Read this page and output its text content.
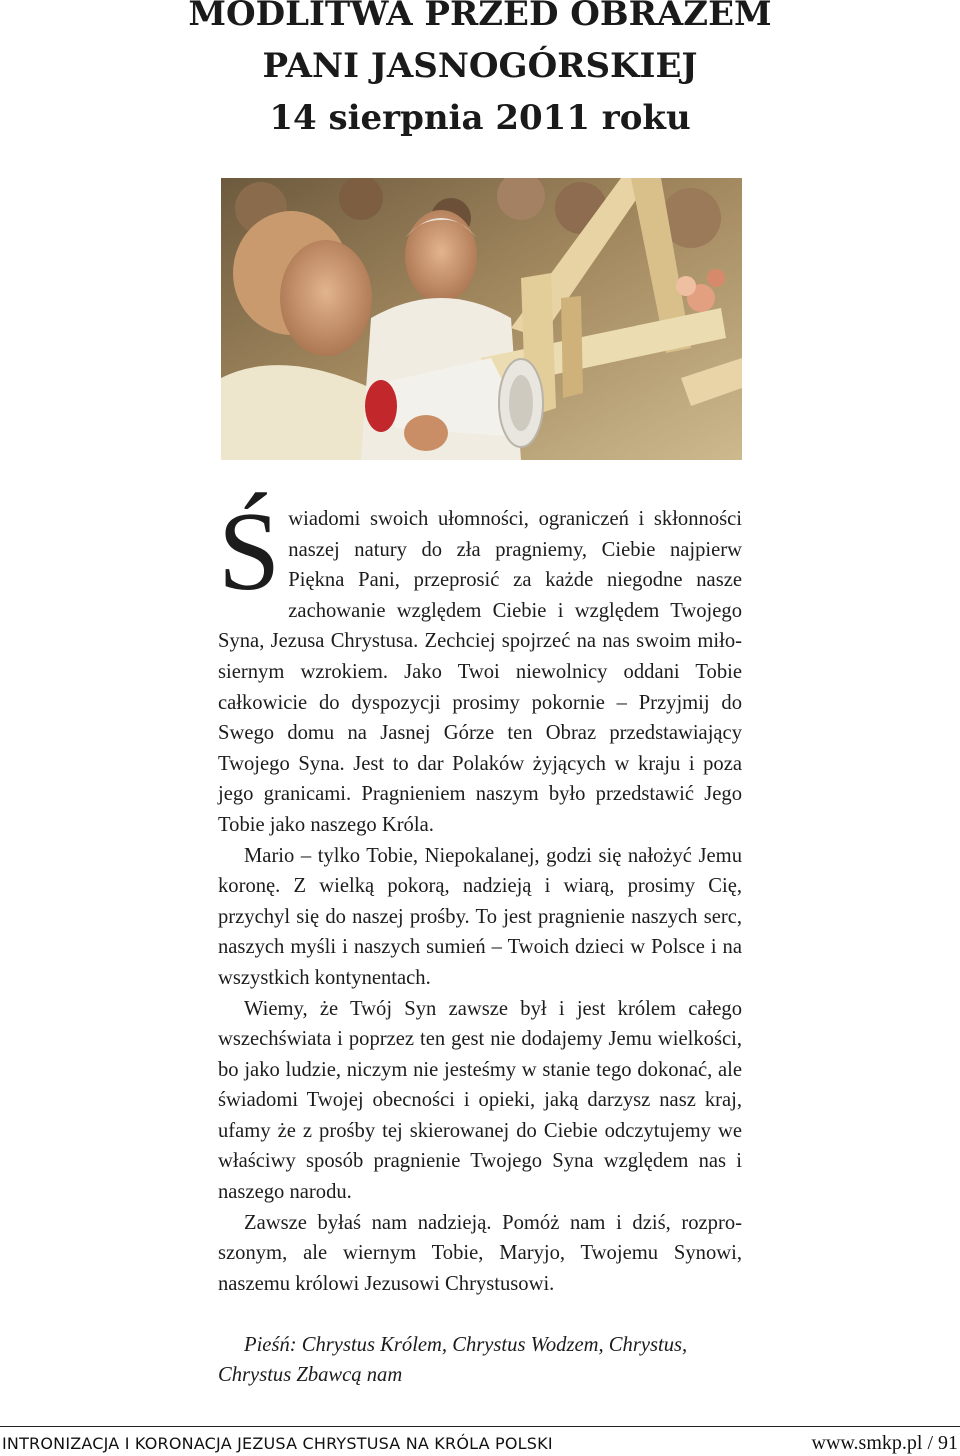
MODLITWA PRZED OBRAZEM
PANI JASNOGÓRSKIEJ
14 sierpnia 2011 roku

Świadomi swoich ułomności, ograniczeń i skłonności naszej natury do zła pragniemy, Ciebie najpierw Piękna Pani, przeprosić za każde niegodne nasze zachowanie względem Ciebie i względem Twojego Syna, Jezusa Chrystusa. Zechciej spojrzeć na nas swoim miłosiernym wzrokiem. Jako Twoi niewolnicy oddani Tobie całkowicie do dyspozycji prosimy pokornie – Przyjmij do Swego domu na Jasnej Górze ten Obraz przedstawiający Twojego Syna. Jest to dar Polaków żyjących w kraju i poza jego granicami. Pragnieniem naszym było przedstawić Jego Tobie jako naszego Króla.

Mario – tylko Tobie, Niepokalanej, godzi się nałożyć Jemu koronę. Z wielką pokorą, nadzieją i wiarą, prosimy Cię, przychyl się do naszej prośby. To jest pragnienie naszych serc, naszych myśli i naszych sumień – Twoich dzieci w Polsce i na wszystkich kontynentach.

Wiemy, że Twój Syn zawsze był i jest królem całego wszechświata i poprzez ten gest nie dodajemy Jemu wielkości, bo jako ludzie, niczym nie jesteśmy w stanie tego dokonać, ale świadomi Twojej obecności i opieki, jaką darzysz nasz kraj, ufamy że z prośby tej skierowanej do Ciebie odczytujemy we właściwy sposób pragnienie Twojego Syna względem nas i naszego narodu.

Zawsze byłaś nam nadzieją. Pomóż nam i dziś, rozproszonym, ale wiernym Tobie, Maryjo, Twojemu Synowi, naszemu królowi Jezusowi Chrystusowi.

Pieśń: Chrystus Królem, Chrystus Wodzem, Chrystus, Chrystus Zbawcą nam

INTRONIZACJA I KORONACJA JEZUSA CHRYSTUSA NA KRÓLA POLSKI	www.smkp.pl / 91
